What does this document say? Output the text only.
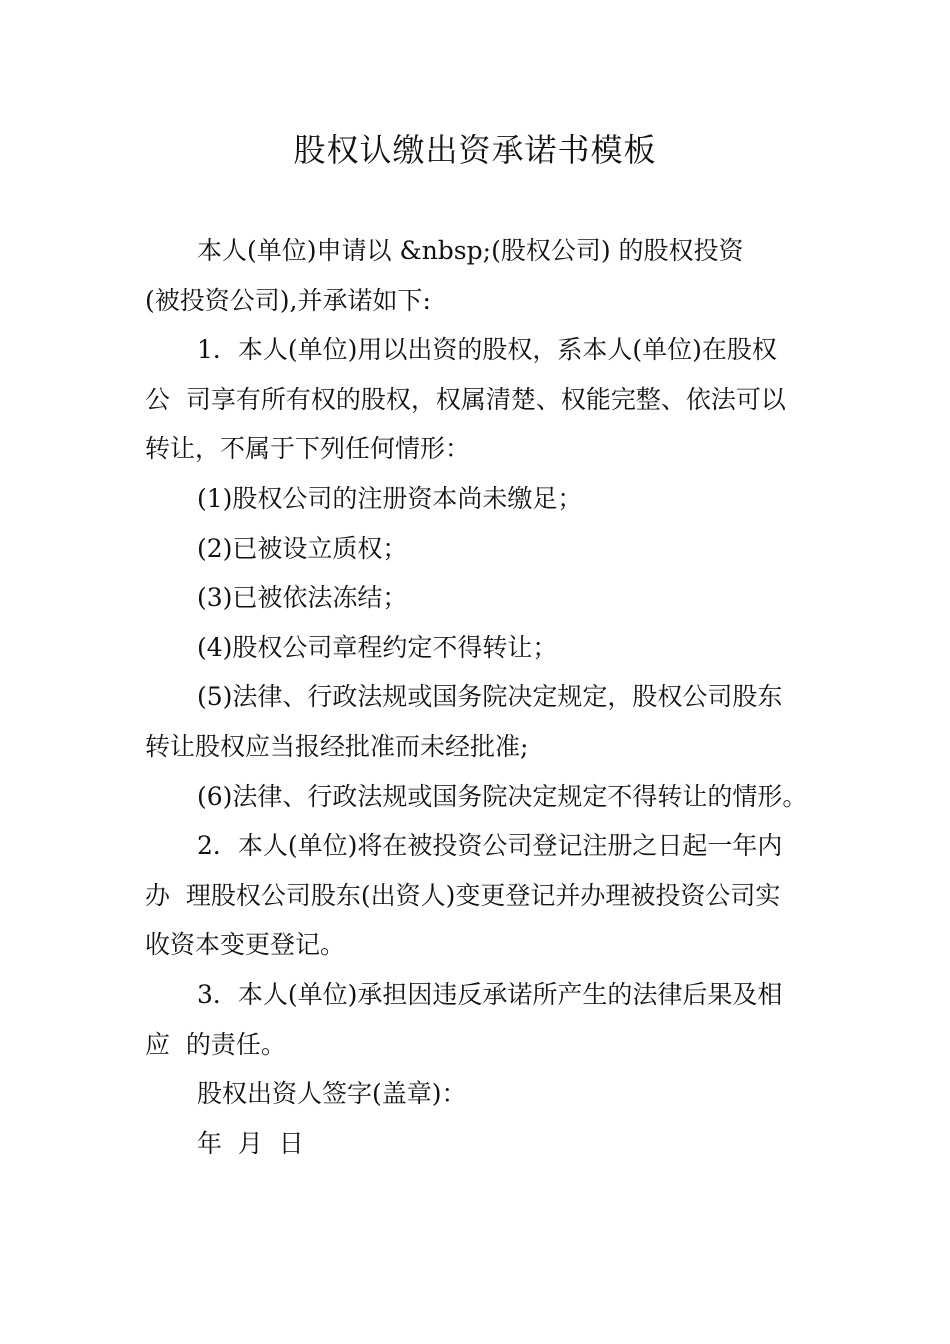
股权认缴出资承诺书模板

本人(单位)申请以 &nbsp;(股权公司) 的股权投资

(被投资公司),并承诺如下:

1．本人(单位)用以出资的股权，系本人(单位)在股权

公  司享有所有权的股权，权属清楚、权能完整、依法可以

转让，不属于下列任何情形：

(1)股权公司的注册资本尚未缴足；

(2)已被设立质权；

(3)已被依法冻结；

(4)股权公司章程约定不得转让；

(5)法律、行政法规或国务院决定规定，股权公司股东

转让股权应当报经批准而未经批准;

(6)法律、行政法规或国务院决定规定不得转让的情形。

2．本人(单位)将在被投资公司登记注册之日起一年内

办  理股权公司股东(出资人)变更登记并办理被投资公司实

收资本变更登记。

3．本人(单位)承担因违反承诺所产生的法律后果及相

应  的责任。

股权出资人签字(盖章)：

年  月  日
